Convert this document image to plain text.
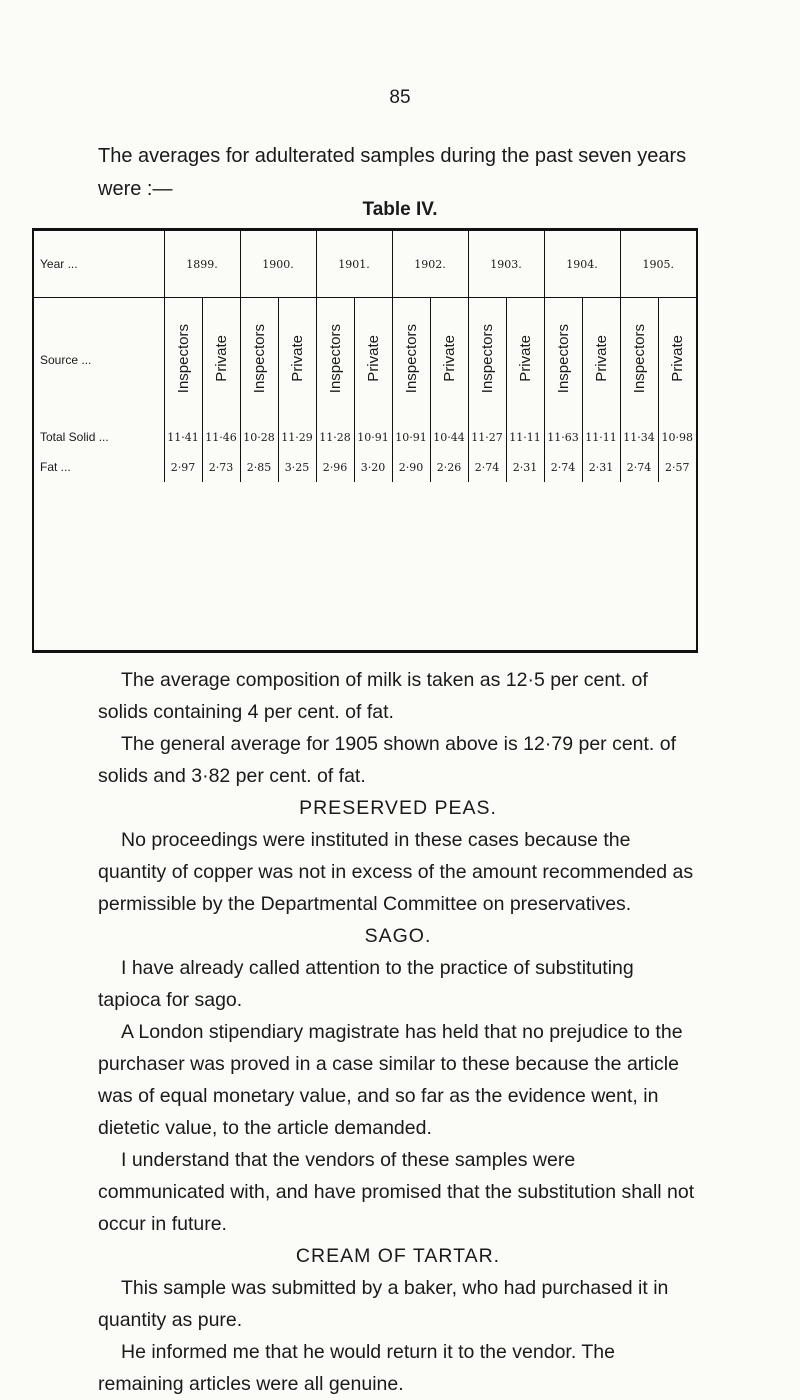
85

The averages for adulterated samples during the past seven years were :—

Table IV.
Year ...	1899.		1900.		1901.		1902.		1903.		1904.		1905.	
Source ...	Inspectors	Private	Inspectors	Private	Inspectors	Private	Inspectors	Private	Inspectors	Private	Inspectors	Private	Inspectors	Private
Total Solid ...	11·41	11·46	10·28	11·29	11·28	10·91	10·91	10·44	11·27	11·11	11·63	11·11	11·34	10·98
Fat ...	2·97	2·73	2·85	3·25	2·96	3·20	2·90	2·26	2·74	2·31	2·74	2·31	2·74	2·57

The average composition of milk is taken as 12·5 per cent. of solids containing 4 per cent. of fat.

The general average for 1905 shown above is 12·79 per cent. of solids and 3·82 per cent. of fat.

PRESERVED PEAS.

No proceedings were instituted in these cases because the quantity of copper was not in excess of the amount recommended as permissible by the Departmental Committee on preservatives.

SAGO.

I have already called attention to the practice of substituting tapioca for sago.

A London stipendiary magistrate has held that no prejudice to the purchaser was proved in a case similar to these because the article was of equal monetary value, and so far as the evidence went, in dietetic value, to the article demanded.

I understand that the vendors of these samples were communicated with, and have promised that the substitution shall not occur in future.

CREAM OF TARTAR.

This sample was submitted by a baker, who had purchased it in quantity as pure.

He informed me that he would return it to the vendor. The remaining articles were all genuine.
